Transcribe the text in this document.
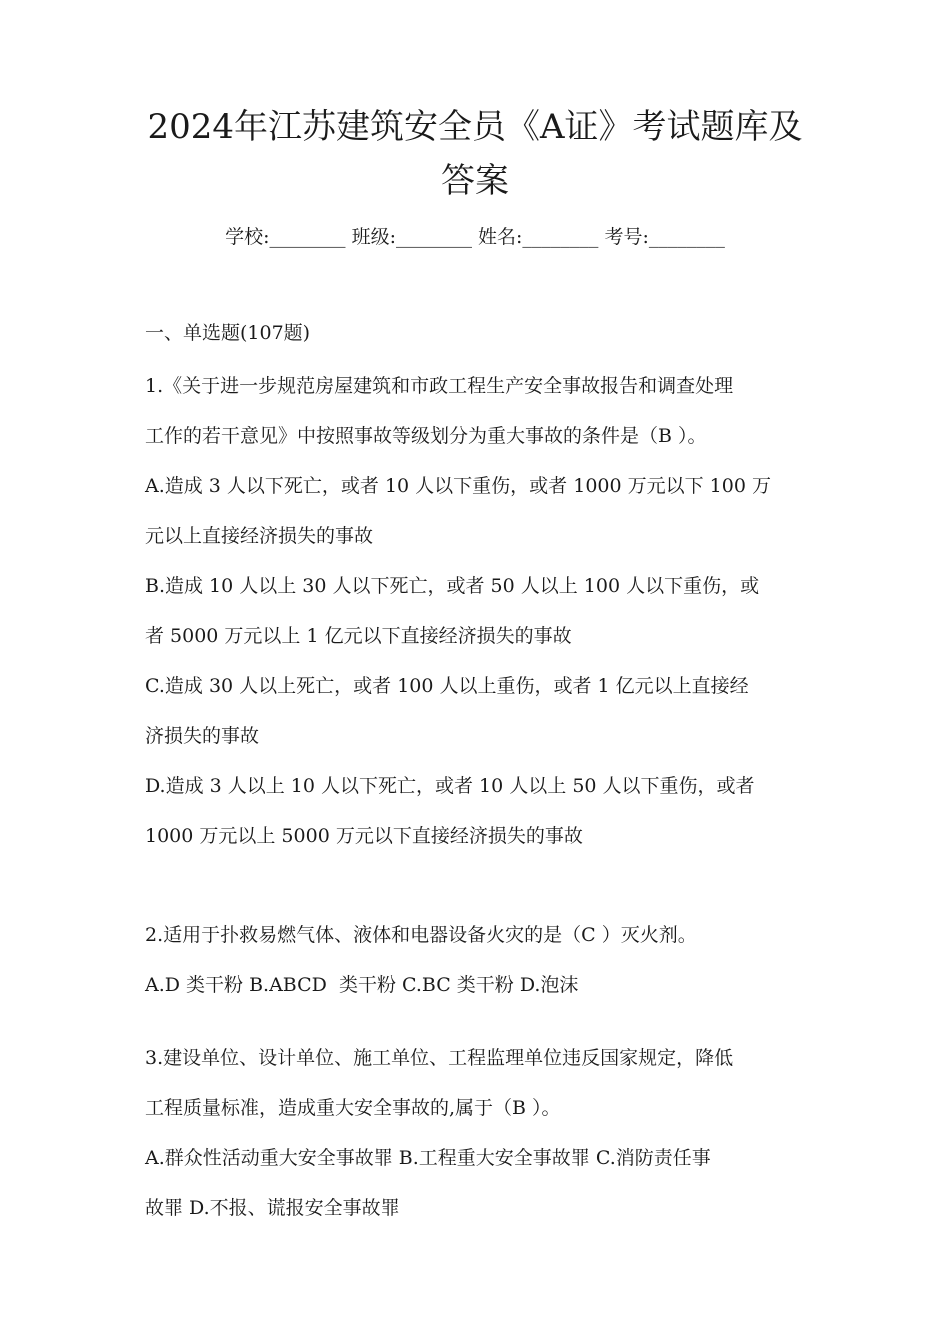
2024年江苏建筑安全员《A证》考试题库及
答案
学校:________ 班级:________ 姓名:________ 考号:________
一、单选题(107题)
1.《关于进一步规范房屋建筑和市政工程生产安全事故报告和调查处理
工作的若干意见》中按照事故等级划分为重大事故的条件是（B ）。
A.造成 3 人以下死亡，或者 10 人以下重伤，或者 1000 万元以下 100 万
元以上直接经济损失的事故
B.造成 10 人以上 30 人以下死亡，或者 50 人以上 100 人以下重伤，或
者 5000 万元以上 1 亿元以下直接经济损失的事故
C.造成 30 人以上死亡，或者 100 人以上重伤，或者 1 亿元以上直接经
济损失的事故
D.造成 3 人以上 10 人以下死亡，或者 10 人以上 50 人以下重伤，或者
1000 万元以上 5000 万元以下直接经济损失的事故
2.适用于扑救易燃气体、液体和电器设备火灾的是（C ）灭火剂。
A.D 类干粉 B.ABCD  类干粉 C.BC 类干粉 D.泡沫
3.建设单位、设计单位、施工单位、工程监理单位违反国家规定，降低
工程质量标准，造成重大安全事故的,属于（B ）。
A.群众性活动重大安全事故罪 B.工程重大安全事故罪 C.消防责任事
故罪 D.不报、谎报安全事故罪
